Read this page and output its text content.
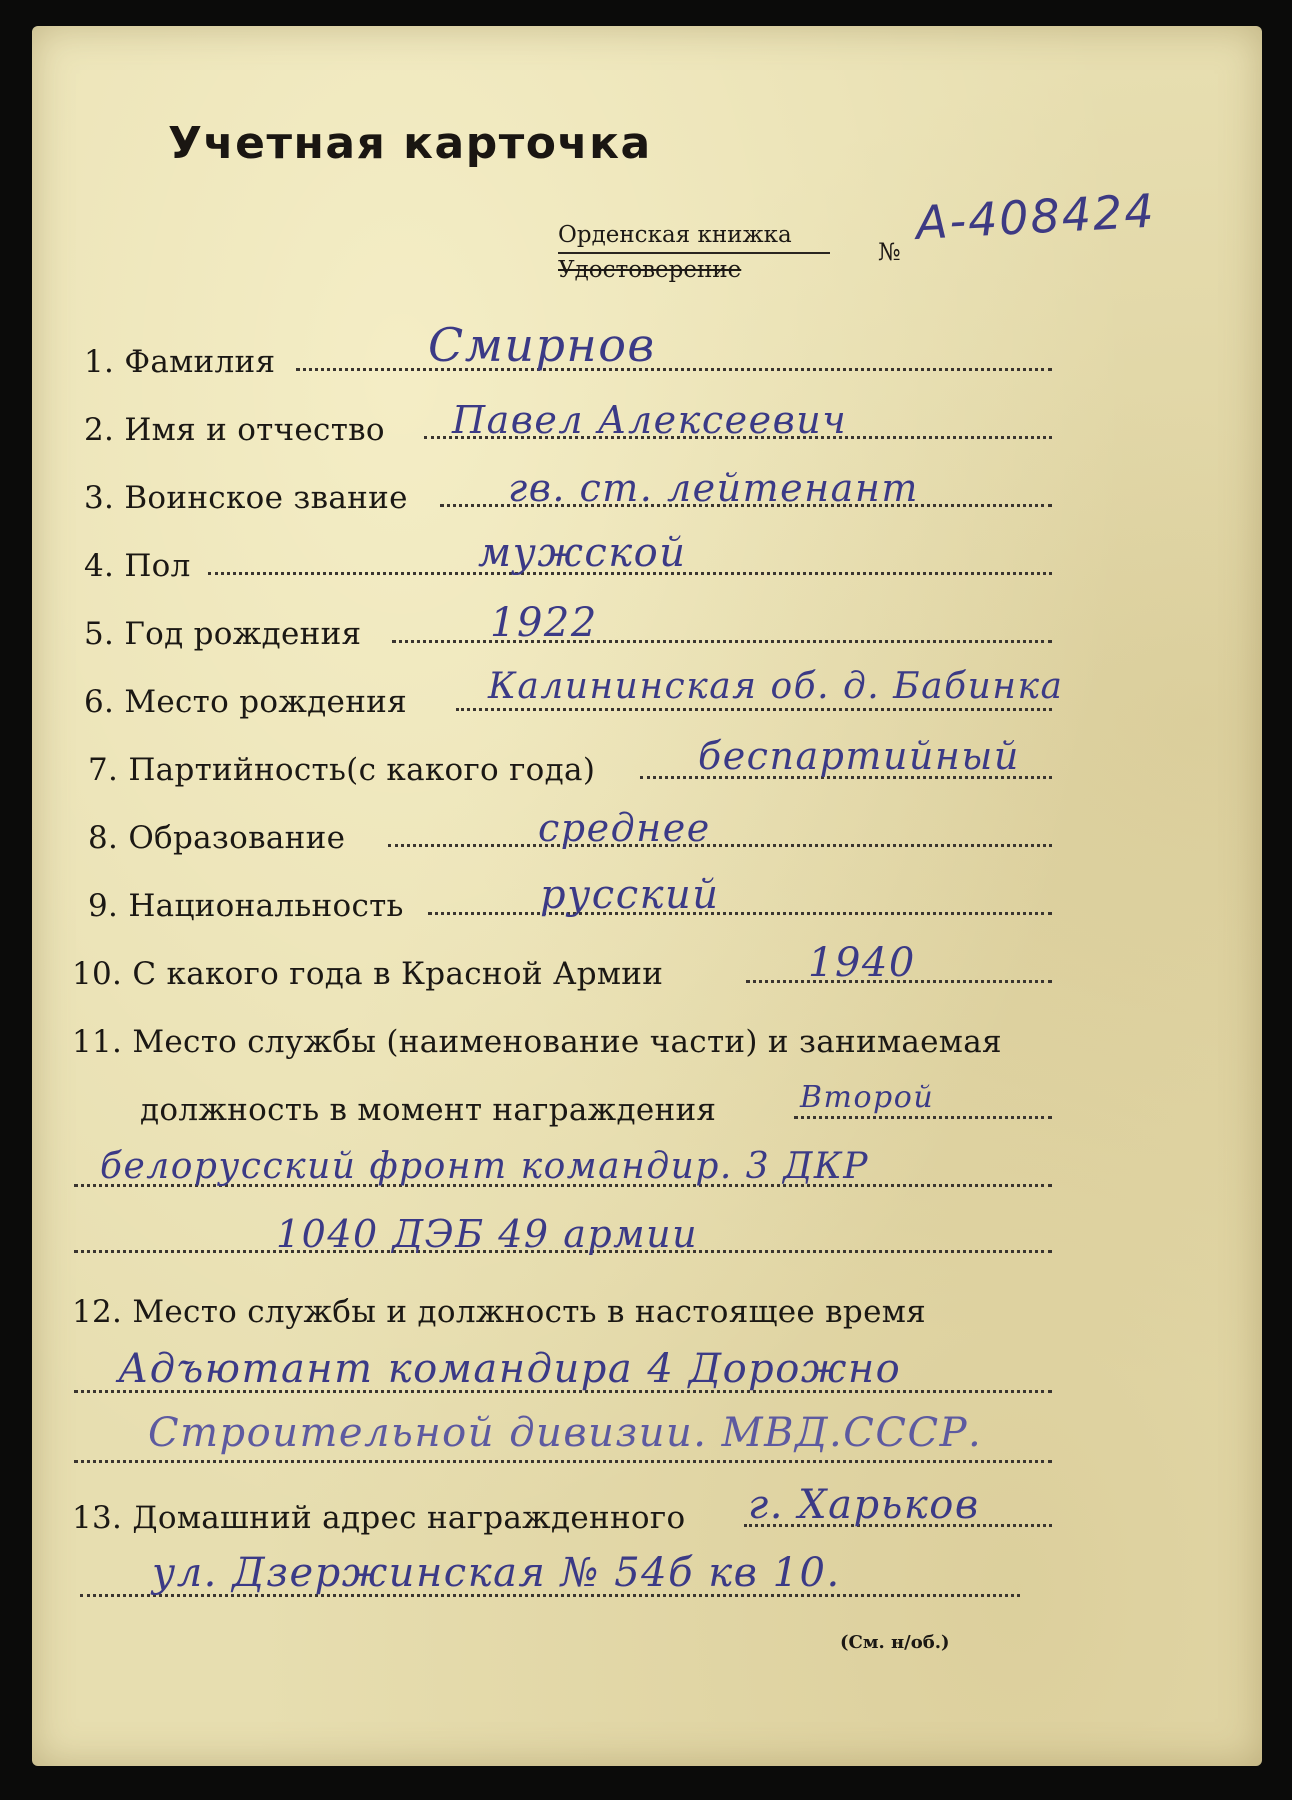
Учетная карточка
Орденская книжка
Удостоверение
№
А-408424
1. Фамилия	Смирнов
2. Имя и отчество Павел Алексеевич
3. Воинское звание	гв. ст. лейтенант
4. Пол	мужской
5. Год рождения	1922
6. Место рождения Калининская об. д. Бабинка
7. Партийность(с какого года)	беспартийный
8. Образование	среднее
9. Национальность	русский
10. С какого года в Красной Армии	1940
11. Место службы (наименование части) и занимаемая
должность в момент награждения	Второй
белорусский фронт командир. 3 ДКР
1040 ДЭБ 49 армии
12. Место службы и должность в настоящее время
Адъютант командира 4 Дорожно
Строительной дивизии. МВД.СССР.
13. Домашний адрес награжденного г. Харьков
ул. Дзержинская № 54б кв 10.
(См. н/об.)
